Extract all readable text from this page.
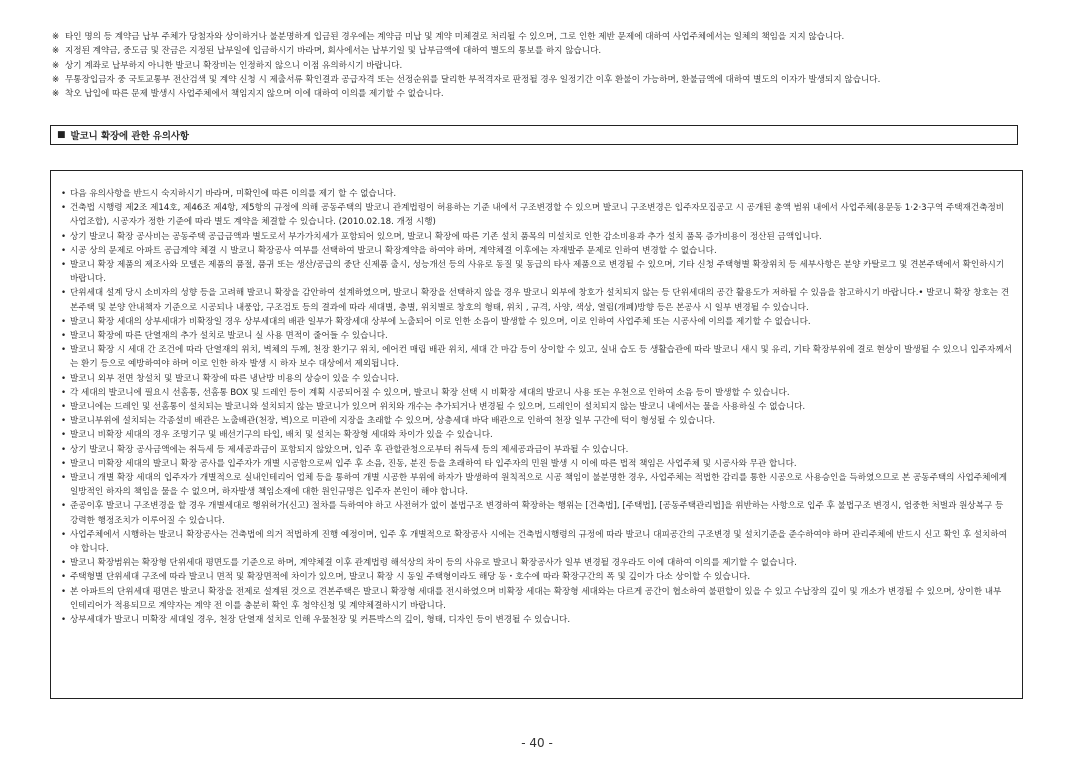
※ 타인 명의 등 계약금 납부 주체가 당첨자와 상이하거나 불분명하게 입금된 경우에는 계약금 미납 및 계약 미체결로 처리될 수 있으며, 그로 인한 제반 문제에 대하여 사업주체에서는 일체의 책임을 지지 않습니다.
※ 지정된 계약금, 중도금 및 잔금은 지정된 납부일에 입금하시기 바라며, 회사에서는 납부기일 및 납부금액에 대하여 별도의 통보를 하지 않습니다.
※ 상기 계좌로 납부하지 아니한 발코니 확장비는 인정하지 않으니 이점 유의하시기 바랍니다.
※ 무통장입금자 중 국토교통부 전산검색 및 계약 신청 시 제출서류 확인결과 공급자격 또는 선정순위를 달리한 부적격자로 판정될 경우 일정기간 이후 환불이 가능하며, 환불금액에 대하여 별도의 이자가 발생되지 않습니다.
※ 착오 납입에 따른 문제 발생시 사업주체에서 책임지지 않으며 이에 대하여 이의를 제기할 수 없습니다.
■ 발코니 확장에 관한 유의사항
• 다음 유의사항을 반드시 숙지하시기 바라며, 미확인에 따른 이의를 제기 할 수 없습니다.
• 건축법 시행령 제2조 제14호, 제46조 제4항, 제5항의 규정에 의해 공동주택의 발코니 관계법령이 허용하는 기준 내에서 구조변경할 수 있으며 발코니 구조변경은 입주자모집공고 시 공개된 총액 범위 내에서 사업주체(용문동 1·2·3구역 주택재건축정비사업조합), 시공자가 정한 기준에 따라 별도 계약을 체결할 수 있습니다. (2010.02.18. 개정 시행)
• 상기 발코니 확장 공사비는 공동주택 공급금액과 별도로서 부가가치세가 포함되어 있으며, 발코니 확장에 따른 기존 설치 품목의 미설치로 인한 감소비용과 추가 설치 품목 증가비용이 정산된 금액입니다.
• 시공 상의 문제로 아파트 공급계약 체결 시 발코니 확장공사 여부를 선택하여 발코니 확장계약을 하여야 하며, 계약체결 이후에는 자재발주 문제로 인하여 변경할 수 없습니다.
• 발코니 확장 제품의 제조사와 모델은 제품의 품절, 품귀 또는 생산/공급의 중단 신제품 출시, 성능개선 등의 사유로 동질 및 동급의 타사 제품으로 변경될 수 있으며, 기타 신청 주택형별 확장위치 등 세부사항은 분양 카탈로그 및 견본주택에서 확인하시기 바랍니다.
• 단위세대 설계 당시 소비자의 성향 등을 고려해 발코니 확장을 감안하여 설계하였으며, 발코니 확장을 선택하지 않을 경우 발코니 외부에 창호가 설치되지 않는 등 단위세대의 공간 활용도가 저하될 수 있음을 참고하시기 바랍니다.• 발코니 확장 창호는 견본주택 및 분양 안내책자 기준으로 시공되나 내풍압, 구조검토 등의 결과에 따라 세대별, 층별, 위치별로 창호의 형태, 위치 , 규격, 사양, 색상, 열림(개폐)방향 등은 본공사 시 일부 변경될 수 있습니다.
• 발코니 확장 세대의 상부세대가 비확장일 경우 상부세대의 배관 일부가 확장세대 상부에 노출되어 이로 인한 소음이 발생할 수 있으며, 이로 인하여 사업주체 또는 시공사에 이의를 제기할 수 없습니다.
• 발코니 확장에 따른 단열재의 추가 설치로 발코니 실 사용 면적이 줄어들 수 있습니다.
• 발코니 확장 시 세대 간 조건에 따라 단열재의 위치, 벽체의 두께, 천장 환기구 위치, 에어컨 매립 배관 위치, 세대 간 마감 등이 상이할 수 있고, 실내 습도 등 생활습관에 따라 발코니 새시 및 유리, 기타 확장부위에 결로 현상이 발생될 수 있으니 입주자께서는 환기 등으로 예방하여야 하며 이로 인한 하자 발생 시 하자 보수 대상에서 제외됩니다.
• 발코니 외부 전면 창설치 및 발코니 확장에 따른 냉난방 비용의 상승이 있을 수 있습니다.
• 각 세대의 발코니에 필요시 선홈통, 선홈통 BOX 및 드레인 등이 계획 시공되어질 수 있으며, 발코니 확장 선택 시 비확장 세대의 발코니 사용 또는 우천으로 인하여 소음 등이 발생할 수 있습니다.
• 발코니에는 드레인 및 선홈통이 설치되는 발코니와 설치되지 않는 발코니가 있으며 위치와 개수는 추가되거나 변경될 수 있으며, 드레인이 설치되지 않는 발코니 내에서는 물을 사용하실 수 없습니다.
• 발코니부위에 설치되는 각종설비 배관은 노출배관(천장, 벽)으로 미관에 지장을 초래할 수 있으며, 상층세대 바닥 배관으로 인하여 천장 일부 구간에 턱이 형성될 수 있습니다.
• 발코니 비확장 세대의 경우 조명기구 및 배선기구의 타입, 배치 및 설치는 확장형 세대와 차이가 있을 수 있습니다.
• 상기 발코니 확장 공사금액에는 취득세 등 제세공과금이 포함되지 않았으며, 입주 후 관할관청으로부터 취득세 등의 제세공과금이 부과될 수 있습니다.
• 발코니 미확장 세대의 발코니 확장 공사를 입주자가 개별 시공함으로써 입주 후 소음, 진동, 분진 등을 초래하여 타 입주자의 민원 발생 시 이에 따른 법적 책임은 사업주체 및 시공사와 무관 합니다.
• 발코니 개별 확장 세대의 입주자가 개별적으로 실내인테리어 업체 등을 통하여 개별 시공한 부위에 하자가 발생하여 원칙적으로 시공 책임이 불분명한 경우, 사업주체는 적법한 감리를 통한 시공으로 사용승인을 득하였으므로 본 공동주택의 사업주체에게 일방적인 하자의 책임을 물을 수 없으며, 하자발생 책임소재에 대한 원인규명은 입주자 본인이 해야 합니다.
• 준공이후 발코니 구조변경을 할 경우 개별세대로 행위허가(신고) 절차를 득하여야 하고 사전허가 없이 불법구조 변경하여 확장하는 행위는 [건축법], [주택법], [공동주택관리법]을 위반하는 사항으로 입주 후 불법구조 변경시, 엄중한 처벌과 원상복구 등 강력한 행정조치가 이루어질 수 있습니다.
• 사업주체에서 시행하는 발코니 확장공사는 건축법에 의거 적법하게 진행 예정이며, 입주 후 개별적으로 확장공사 시에는 건축법시행령의 규정에 따라 발코니 대피공간의 구조변경 및 설치기준을 준수하여야 하며 관리주체에 반드시 신고 확인 후 설치하여야 합니다.
• 발코니 확장범위는 확장형 단위세대 평면도를 기준으로 하며, 계약체결 이후 관계법령 해석상의 차이 등의 사유로 발코니 확장공사가 일부 변경될 경우라도 이에 대하여 이의를 제기할 수 없습니다.
• 주택형별 단위세대 구조에 따라 발코니 면적 및 확장면적에 차이가 있으며, 발코니 확장 시 동일 주택형이라도 해당 동・호수에 따라 확장구간의 폭 및 깊이가 다소 상이할 수 있습니다.
• 본 아파트의 단위세대 평면은 발코니 확장을 전제로 설계된 것으로 견본주택은 발코니 확장형 세대를 전시하였으며 비확장 세대는 확장형 세대와는 다르게 공간이 협소하여 불편할이 있을 수 있고 수납장의 깊이 및 개소가 변경될 수 있으며, 상이한 내부 인테리어가 적용되므로 계약자는 계약 전 이를 충분히 확인 후 청약신청 및 계약체결하시기 바랍니다.
• 상부세대가 발코니 미확장 세대일 경우, 천장 단열재 설치로 인해 우물천장 및 커튼박스의 깊이, 형태, 디자인 등이 변경될 수 있습니다.
- 40 -
